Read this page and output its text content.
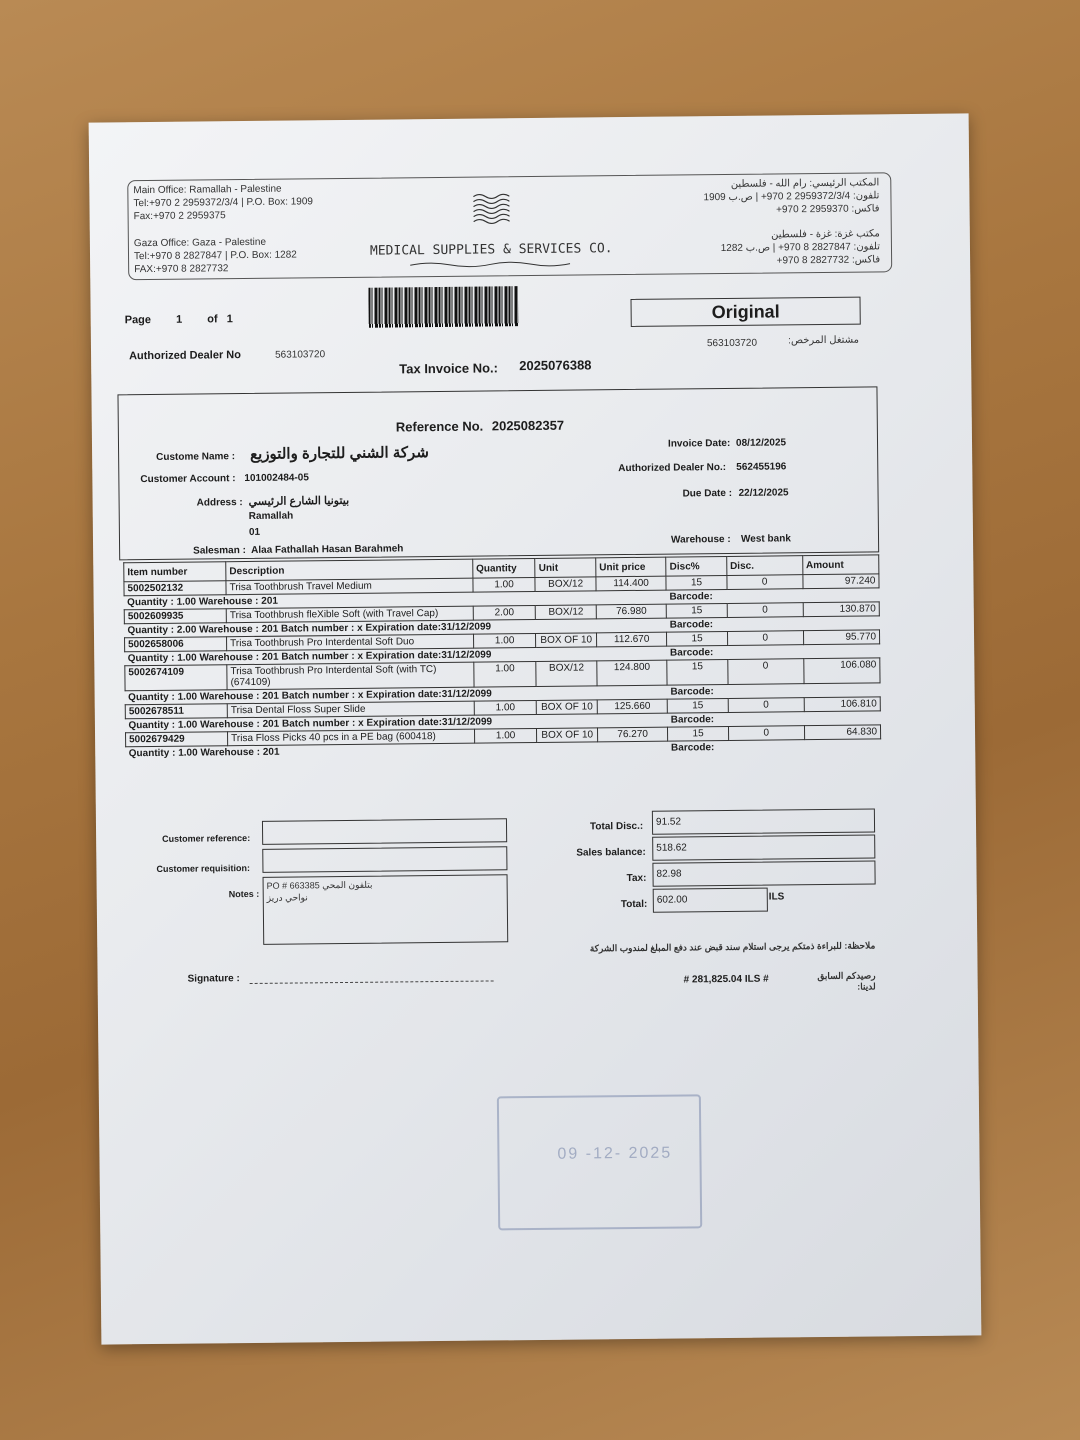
Main Office: Ramallah - Palestine
Tel:+970 2 2959372/3/4 | P.O. Box: 1909
Fax:+970 2 2959375
Gaza Office: Gaza - Palestine
Tel:+970 8 2827847 | P.O. Box: 1282
FAX:+970 8 2827732
MEDICAL SUPPLIES & SERVICES CO.
المكتب الرئيسي: رام الله - فلسطين
تلفون: 2959372/3/4 2 970+ | ص.ب 1909
فاكس: 2959370 2 970+
مكتب غزة: غزة - فلسطين
تلفون: 2827847 8 970+ | ص.ب 1282
فاكس: 2827732 8 970+
Page 1 of 1	Original
Authorized Dealer No	563103720
563103720	مشتغل المرخص:
Tax Invoice No.: 2025076388
Reference No. 2025082357
Custome Name : شركة الشني للتجارة والتوزيع
Customer Account : 101002484-05
Address : بيتونيا الشارع الرئيسي
Ramallah
01
Salesman : Alaa Fathallah Hasan Barahmeh
Invoice Date: 08/12/2025
Authorized Dealer No.: 562455196
Due Date : 22/12/2025
Warehouse : West bank
Item number	Description	Quantity	Unit	Unit price	Disc%	Disc.	Amount
5002502132	Trisa Toothbrush Travel Medium	1.00	BOX/12	114.400	15	0	97.240
Quantity : 1.00 Warehouse : 201					Barcode:		
5002609935	Trisa Toothbrush fleXible Soft (with Travel Cap)	2.00	BOX/12	76.980	15	0	130.870
Quantity : 2.00 Warehouse : 201 Batch number : x Expiration date:31/12/2099					Barcode:		
5002658006	Trisa Toothbrush Pro Interdental Soft Duo	1.00	BOX OF 10	112.670	15	0	95.770
Quantity : 1.00 Warehouse : 201 Batch number : x Expiration date:31/12/2099					Barcode:		
5002674109	Trisa Toothbrush Pro Interdental Soft (with TC) (674109)	1.00	BOX/12	124.800	15	0	106.080
Quantity : 1.00 Warehouse : 201 Batch number : x Expiration date:31/12/2099					Barcode:		
5002678511	Trisa Dental Floss Super Slide	1.00	BOX OF 10	125.660	15	0	106.810
Quantity : 1.00 Warehouse : 201 Batch number : x Expiration date:31/12/2099					Barcode:		
5002679429	Trisa Floss Picks 40 pcs in a PE bag (600418)	1.00	BOX OF 10	76.270	15	0	64.830
Quantity : 1.00 Warehouse : 201					Barcode:		
Customer reference:
Customer requisition:
Notes :
PO # 663385 بتلفون المحي
نواحي دريز
Total Disc.:	91.52
Sales balance:	518.62
Tax:	82.98
Total: 602.00	ILS
ملاحظة: للبراءة ذمتكم يرجى استلام سند قبض عند دفع المبلغ لمندوب الشركة
رصيدكم السابق لدينا:
# 281,825.04 ILS #
Signature :
09 -12- 2025
